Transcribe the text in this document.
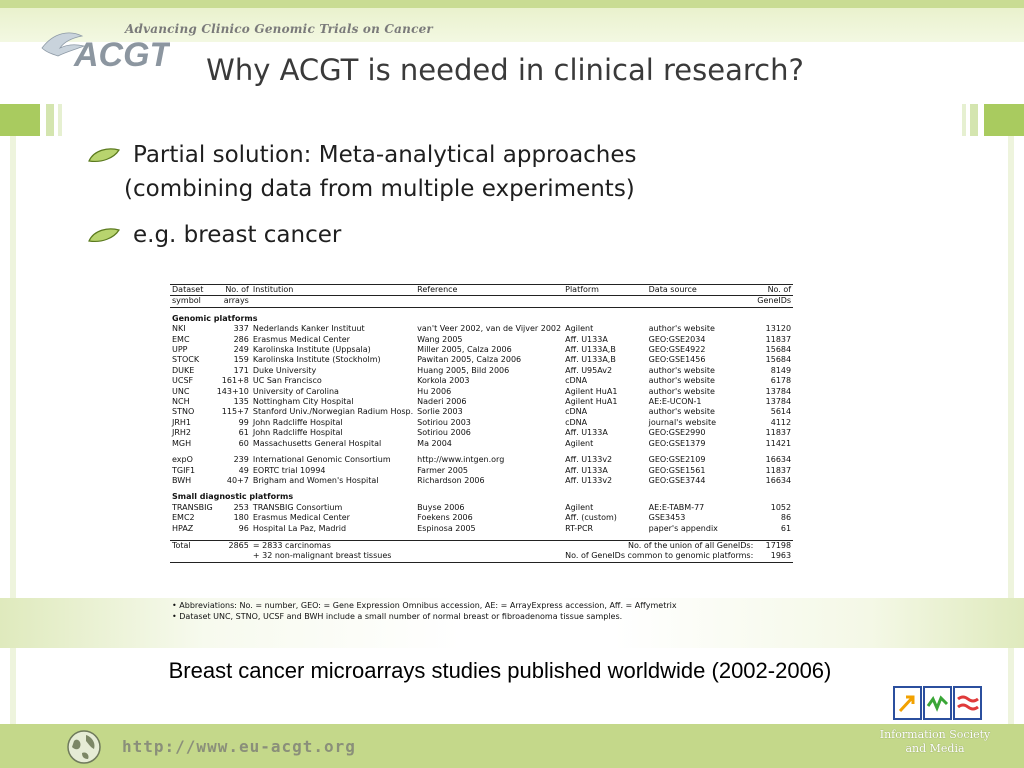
Advancing Clinico Genomic Trials on Cancer
ACGT	Why ACGT is needed in clinical research?
Partial solution: Meta-analytical approaches
(combining data from multiple experiments)
e.g. breast cancer
Dataset	No. of	Institution	Reference	Platform	Data source	No. of
symbol	arrays					GeneIDs
Genomic platforms						
NKI	337	Nederlands Kanker Instituut	van't Veer 2002, van de Vijver 2002	Agilent	author's website	13120
EMC	286	Erasmus Medical Center	Wang 2005	Aff. U133A	GEO:GSE2034	11837
UPP	249	Karolinska Institute (Uppsala)	Miller 2005, Calza 2006	Aff. U133A,B	GEO:GSE4922	15684
STOCK	159	Karolinska Institute (Stockholm)	Pawitan 2005, Calza 2006	Aff. U133A,B	GEO:GSE1456	15684
DUKE	171	Duke University	Huang 2005, Bild 2006	Aff. U95Av2	author's website	8149
UCSF	161+8	UC San Francisco	Korkola 2003	cDNA	author's website	6178
UNC	143+10	University of Carolina	Hu 2006	Agilent HuA1	author's website	13784
NCH	135	Nottingham City Hospital	Naderi 2006	Agilent HuA1	AE:E-UCON-1	13784
STNO	115+7	Stanford Univ./Norwegian Radium Hosp.	Sorlie 2003	cDNA	author's website	5614
JRH1	99	John Radcliffe Hospital	Sotiriou 2003	cDNA	journal's website	4112
JRH2	61	John Radcliffe Hospital	Sotiriou 2006	Aff. U133A	GEO:GSE2990	11837
MGH	60	Massachusetts General Hospital	Ma 2004	Agilent	GEO:GSE1379	11421

expO	239	International Genomic Consortium	http://www.intgen.org	Aff. U133v2	GEO:GSE2109	16634
TGIF1	49	EORTC trial 10994	Farmer 2005	Aff. U133A	GEO:GSE1561	11837
BWH	40+7	Brigham and Women's Hospital	Richardson 2006	Aff. U133v2	GEO:GSE3744	16634
Small diagnostic platforms						
TRANSBIG	253	TRANSBIG Consortium	Buyse 2006	Agilent	AE:E-TABM-77	1052
EMC2	180	Erasmus Medical Center	Foekens 2006	Aff. (custom)	GSE3453	86
HPAZ	96	Hospital La Paz, Madrid	Espinosa 2005	RT-PCR	paper's appendix	61

Total	2865	= 2833 carcinomas		No. of the union of all GeneIDs:		17198
		+ 32 non-malignant breast tissues		No. of GeneIDs common to genomic platforms:		1963
• Abbreviations: No. = number, GEO: = Gene Expression Omnibus accession, AE: = ArrayExpress accession, Aff. = Affymetrix
• Dataset UNC, STNO, UCSF and BWH include a small number of normal breast or fibroadenoma tissue samples.
Breast cancer microarrays studies published worldwide (2002-2006)
http://www.eu-acgt.org
Information Society
and Media
